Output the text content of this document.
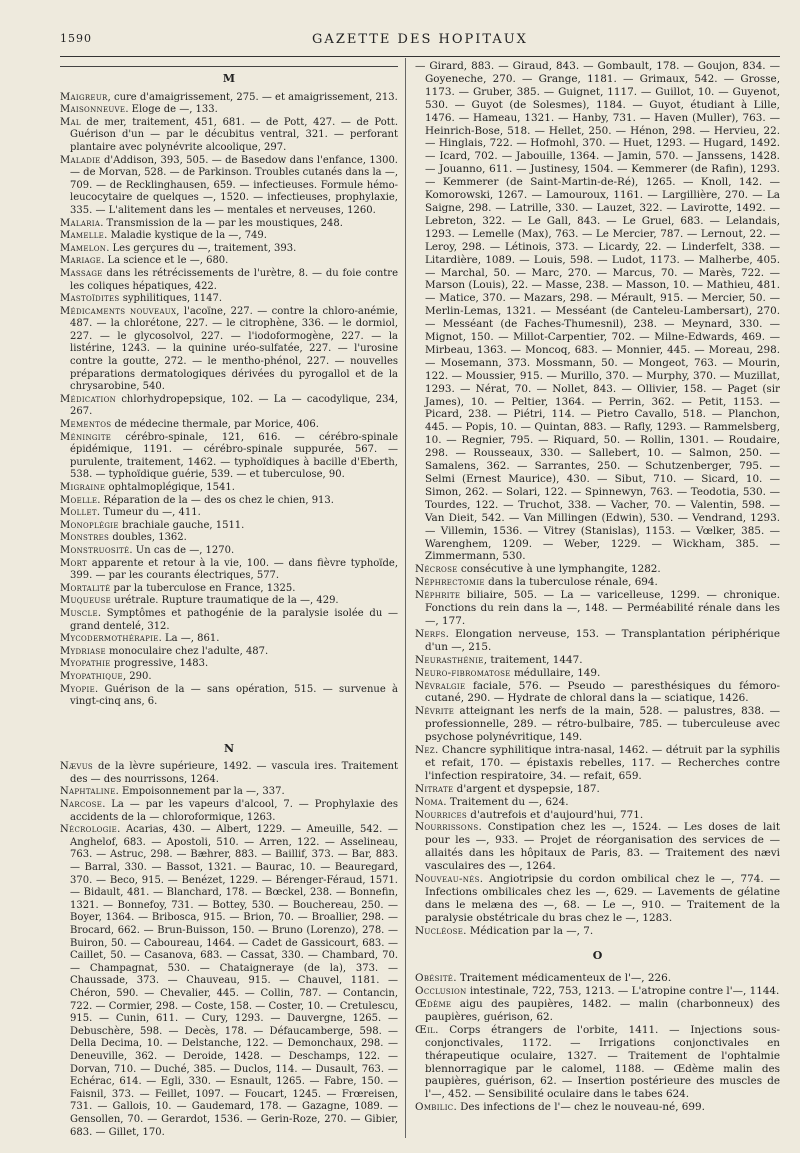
1590	GAZETTE DES HOPITAUX
M

Maigreur, cure d'amaigrissement, 275. — et amaigrissement, 213.

Maisonneuve. Eloge de —, 133.

Mal de mer, traitement, 451, 681. — de Pott, 427. — de Pott. Guérison d'un — par le décubitus ventral, 321. — perforant plantaire avec polynévrite alcoolique, 297.

Maladie d'Addison, 393, 505. — de Basedow dans l'enfance, 1300. — de Morvan, 528. — de Parkinson. Troubles cutanés dans la —, 709. — de Recklinghausen, 659. — infectieuses. Formule hémo-leucocytaire de quelques —, 1520. — infectieuses, prophylaxie, 335. — L'alitement dans les — mentales et nerveuses, 1260.

Malaria. Transmission de la — par les moustiques, 248.

Mamelle. Maladie kystique de la —, 749.

Mamelon. Les gerçures du —, traitement, 393.

Mariage. La science et le —, 680.

Massage dans les rétrécissements de l'urètre, 8. — du foie contre les coliques hépatiques, 422.

Mastoïdites syphilitiques, 1147.

Médicaments nouveaux, l'acoïne, 227. — contre la chloro-anémie, 487. — la chlorétone, 227. — le citrophène, 336. — le dormiol, 227. — le glycosolvol, 227. — l'iodoformogène, 227. — la listérine, 1243. — la quinine uréo-sulfatée, 227. — l'urosine contre la goutte, 272. — le mentho-phénol, 227. — nouvelles préparations dermatologiques dérivées du pyrogallol et de la chrysarobine, 540.

Médication chlorhydropepsique, 102. — La — cacodylique, 234, 267.

Mementos de médecine thermale, par Morice, 406.

Méningite cérébro-spinale, 121, 616. — cérébro-spinale épidémique, 1191. — cérébro-spinale suppurée, 567. — purulente, traitement, 1462. — typhoïdiques à bacille d'Eberth, 538. — typhoïdique guérie, 539. — et tuberculose, 90.

Migraine ophtalmoplégique, 1541.

Moelle. Réparation de la — des os chez le chien, 913.

Mollet. Tumeur du —, 411.

Monoplégie brachiale gauche, 1511.

Monstres doubles, 1362.

Monstruosité. Un cas de —, 1270.

Mort apparente et retour à la vie, 100. — dans fièvre typhoïde, 399. — par les courants électriques, 577.

Mortalité par la tuberculose en France, 1325.

Muqueuse urétrale. Rupture traumatique de la —, 429.

Muscle. Symptômes et pathogénie de la paralysie isolée du — grand dentelé, 312.

Mycodermothérapie. La —, 861.

Mydriase monoculaire chez l'adulte, 487.

Myopathie progressive, 1483.

Myopathique, 290.

Myopie. Guérison de la — sans opération, 515. — survenue à vingt-cinq ans, 6.

N

Nævus de la lèvre supérieure, 1492. — vascula ires. Traitement des — des nourrissons, 1264.

Naphtaline. Empoisonnement par la —, 337.

Narcose. La — par les vapeurs d'alcool, 7. — Prophylaxie des accidents de la — chloroformique, 1263.

Nécrologie. Acarias, 430. — Albert, 1229. — Ameuille, 542. — Anghelof, 683. — Apostoli, 510. — Arren, 122. — Asselineau, 763. — Astruc, 298. — Bæhrer, 883. — Baillif, 373. — Bar, 883. — Barral, 330. — Bassot, 1321. — Baurac, 10. — Beauregard, 370. — Beco, 915. — Benézet, 1229. — Bérenger-Féraud, 1571. — Bidault, 481. — Blanchard, 178. — Bœckel, 238. — Bonnefin, 1321. — Bonnefoy, 731. — Bottey, 530. — Bouchereau, 250. — Boyer, 1364. — Bribosca, 915. — Brion, 70. — Broallier, 298. — Brocard, 662. — Brun-Buisson, 150. — Bruno (Lorenzo), 278. — Buiron, 50. — Caboureau, 1464. — Cadet de Gassicourt, 683. — Caillet, 50. — Casanova, 683. — Cassat, 330. — Chambard, 70. — Champagnat, 530. — Chataigneraye (de la), 373. — Chaussade, 373. — Chauveau, 915. — Chauvel, 1181. — Chéron, 590. — Chevalier, 445. — Collin, 787. — Contancin, 722. — Cormier, 298. — Coste, 158. — Coster, 10. — Cretulescu, 915. — Cunin, 611. — Cury, 1293. — Dauvergne, 1265. — Debuschère, 598. — Decès, 178. — Défaucamberge, 598. — Della Decima, 10. — Delstanche, 122. — Demonchaux, 298. — Deneuville, 362. — Deroide, 1428. — Deschamps, 122. — Dorvan, 710. — Duché, 385. — Duclos, 114. — Dusault, 763. — Echérac, 614. — Egli, 330. — Esnault, 1265. — Fabre, 150. — Faisnil, 373. — Feillet, 1097. — Foucart, 1245. — Frœreisen, 731. — Gallois, 10. — Gaudemard, 178. — Gazagne, 1089. — Gensollen, 70. — Gerardot, 1536. — Gerin-Roze, 270. — Gibier, 683. — Gillet, 170.

— Girard, 883. — Giraud, 843. — Gombault, 178. — Goujon, 834. — Goyeneche, 270. — Grange, 1181. — Grimaux, 542. — Grosse, 1173. — Gruber, 385. — Guignet, 1117. — Guillot, 10. — Guyenot, 530. — Guyot (de Solesmes), 1184. — Guyot, étudiant à Lille, 1476. — Hameau, 1321. — Hanby, 731. — Haven (Muller), 763. — Heinrich-Bose, 518. — Hellet, 250. — Hénon, 298. — Hervieu, 22. — Hinglais, 722. — Hofmohl, 370. — Huet, 1293. — Hugard, 1492. — Icard, 702. — Jabouille, 1364. — Jamin, 570. — Janssens, 1428. — Jouanno, 611. — Justinesy, 1504. — Kemmerer (de Rafin), 1293. — Kemmerer (de Saint-Martin-de-Ré), 1265. — Knoll, 142. — Komorowski, 1267. — Lamouroux, 1161. — Largillière, 270. — La Saigne, 298. — Latrille, 330. — Lauzet, 322. — Lavirotte, 1492. — Lebreton, 322. — Le Gall, 843. — Le Gruel, 683. — Lelandais, 1293. — Lemelle (Max), 763. — Le Mercier, 787. — Lernout, 22. — Leroy, 298. — Létinois, 373. — Licardy, 22. — Linderfelt, 338. — Litardière, 1089. — Louis, 598. — Ludot, 1173. — Malherbe, 405. — Marchal, 50. — Marc, 270. — Marcus, 70. — Marès, 722. — Marson (Louis), 22. — Masse, 238. — Masson, 10. — Mathieu, 481. — Matice, 370. — Mazars, 298. — Mérault, 915. — Mercier, 50. — Merlin-Lemas, 1321. — Messéant (de Canteleu-Lambersart), 270. — Messéant (de Faches-Thumesnil), 238. — Meynard, 330. — Mignot, 150. — Millot-Carpentier, 702. — Milne-Edwards, 469. — Mirbeau, 1363. — Moncoq, 683. — Monnier, 445. — Moreau, 298. — Mosemann, 373. Mossmann, 50. — Mongeot, 763. — Mourin, 122. — Moussier, 915. — Murillo, 370. — Murphy, 370. — Muzillat, 1293. — Nérat, 70. — Nollet, 843. — Ollivier, 158. — Paget (sir James), 10. — Peltier, 1364. — Perrin, 362. — Petit, 1153. — Picard, 238. — Piétri, 114. — Pietro Cavallo, 518. — Planchon, 445. — Popis, 10. — Quintan, 883. — Rafly, 1293. — Rammelsberg, 10. — Regnier, 795. — Riquard, 50. — Rollin, 1301. — Roudaire, 298. — Rousseaux, 330. — Sallebert, 10. — Salmon, 250. — Samalens, 362. — Sarrantes, 250. — Schutzenberger, 795. — Selmi (Ernest Maurice), 430. — Sibut, 710. — Sicard, 10. — Simon, 262. — Solari, 122. — Spinnewyn, 763. — Teodotia, 530. — Tourdes, 122. — Truchot, 338. — Vacher, 70. — Valentin, 598. — Van Dieit, 542. — Van Millingen (Edwin), 530. — Vendrand, 1293. — Villemin, 1536. — Vitrey (Stanislas), 1153. — Vœlker, 385. — Warenghem, 1209. — Weber, 1229. — Wickham, 385. — Zimmermann, 530.

Nécrose consécutive à une lymphangite, 1282.

Néphrectomie dans la tuberculose rénale, 694.

Néphrite biliaire, 505. — La — varicelleuse, 1299. — chronique. Fonctions du rein dans la —, 148. — Perméabilité rénale dans les —, 177.

Nerfs. Elongation nerveuse, 153. — Transplantation périphérique d'un —, 215.

Neurasthénie, traitement, 1447.

Neuro-fibromatose médullaire, 149.

Névralgie faciale, 576. — Pseudo — paresthésiques du fémoro-cutané, 290. — Hydrate de chloral dans la — sciatique, 1426.

Névrite atteignant les nerfs de la main, 528. — palustres, 838. — professionnelle, 289. — rétro-bulbaire, 785. — tuberculeuse avec psychose polynévritique, 149.

Nez. Chancre syphilitique intra-nasal, 1462. — détruit par la syphilis et refait, 170. — épistaxis rebelles, 117. — Recherches contre l'infection respiratoire, 34. — refait, 659.

Nitrate d'argent et dyspepsie, 187.

Noma. Traitement du —, 624.

Nourrices d'autrefois et d'aujourd'hui, 771.

Nourrissons. Constipation chez les —, 1524. — Les doses de lait pour les —, 933. — Projet de réorganisation des services de — allaités dans les hôpitaux de Paris, 83. — Traitement des nævi vasculaires des —, 1264.

Nouveau-nés. Angiotripsie du cordon ombilical chez le —, 774. — Infections ombilicales chez les —, 629. — Lavements de gélatine dans le melæna des —, 68. — Le —, 910. — Traitement de la paralysie obstétricale du bras chez le —, 1283.

Nucléose. Médication par la —, 7.

O

Obésité. Traitement médicamenteux de l'—, 226.

Occlusion intestinale, 722, 753, 1213. — L'atropine contre l'—, 1144.

Œdème aigu des paupières, 1482. — malin (charbonneux) des paupières, guérison, 62.

Œil. Corps étrangers de l'orbite, 1411. — Injections sous-conjonctivales, 1172. — Irrigations conjonctivales en thérapeutique oculaire, 1327. — Traitement de l'ophtalmie blennorragique par le calomel, 1188. — Œdème malin des paupières, guérison, 62. — Insertion postérieure des muscles de l'—, 452. — Sensibilité oculaire dans le tabes 624.

Ombilic. Des infections de l'— chez le nouveau-né, 699.
